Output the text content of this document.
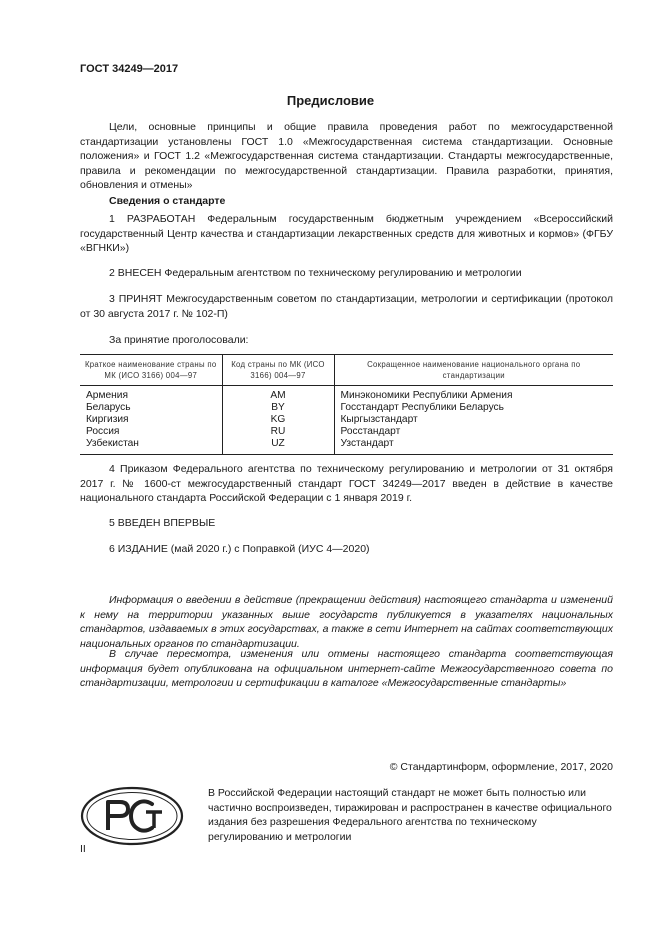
ГОСТ 34249—2017
Предисловие

Цели, основные принципы и общие правила проведения работ по межгосударственной стандартизации установлены ГОСТ 1.0 «Межгосударственная система стандартизации. Основные положения» и ГОСТ 1.2 «Межгосударственная система стандартизации. Стандарты межгосударственные, правила и рекомендации по межгосударственной стандартизации. Правила разработки, принятия, обновления и отмены»

Сведения о стандарте

1 РАЗРАБОТАН Федеральным государственным бюджетным учреждением «Всероссийский государственный Центр качества и стандартизации лекарственных средств для животных и кормов» (ФГБУ «ВГНКИ»)

2 ВНЕСЕН Федеральным агентством по техническому регулированию и метрологии

3 ПРИНЯТ Межгосударственным советом по стандартизации, метрологии и сертификации (протокол от 30 августа 2017 г. № 102-П)

За принятие проголосовали:
Краткое наименование страны по МК (ИСО 3166) 004—97	Код страны по МК (ИСО 3166) 004—97	Сокращенное наименование национального органа по стандартизации
Армения	AM	Минэкономики Республики Армения
Беларусь	BY	Госстандарт Республики Беларусь
Киргизия	KG	Кыргызстандарт
Россия	RU	Росстандарт
Узбекистан	UZ	Узстандарт

4 Приказом Федерального агентства по техническому регулированию и метрологии от 31 октября 2017 г. № 1600-ст межгосударственный стандарт ГОСТ 34249—2017 введен в действие в качестве национального стандарта Российской Федерации с 1 января 2019 г.

5 ВВЕДЕН ВПЕРВЫЕ

6 ИЗДАНИЕ (май 2020 г.) с Поправкой (ИУС 4—2020)

Информация о введении в действие (прекращении действия) настоящего стандарта и изменений к нему на территории указанных выше государств публикуется в указателях национальных стандартов, издаваемых в этих государствах, а также в сети Интернет на сайтах соответствующих национальных органов по стандартизации.

В случае пересмотра, изменения или отмены настоящего стандарта соответствующая информация будет опубликована на официальном интернет-сайте Межгосударственного совета по стандартизации, метрологии и сертификации в каталоге «Межгосударственные стандарты»

© Стандартинформ, оформление, 2017, 2020

В Российской Федерации настоящий стандарт не может быть полностью или частично воспроизведен, тиражирован и распространен в качестве официального издания без разрешения Федерального агентства по техническому регулированию и метрологии

II
